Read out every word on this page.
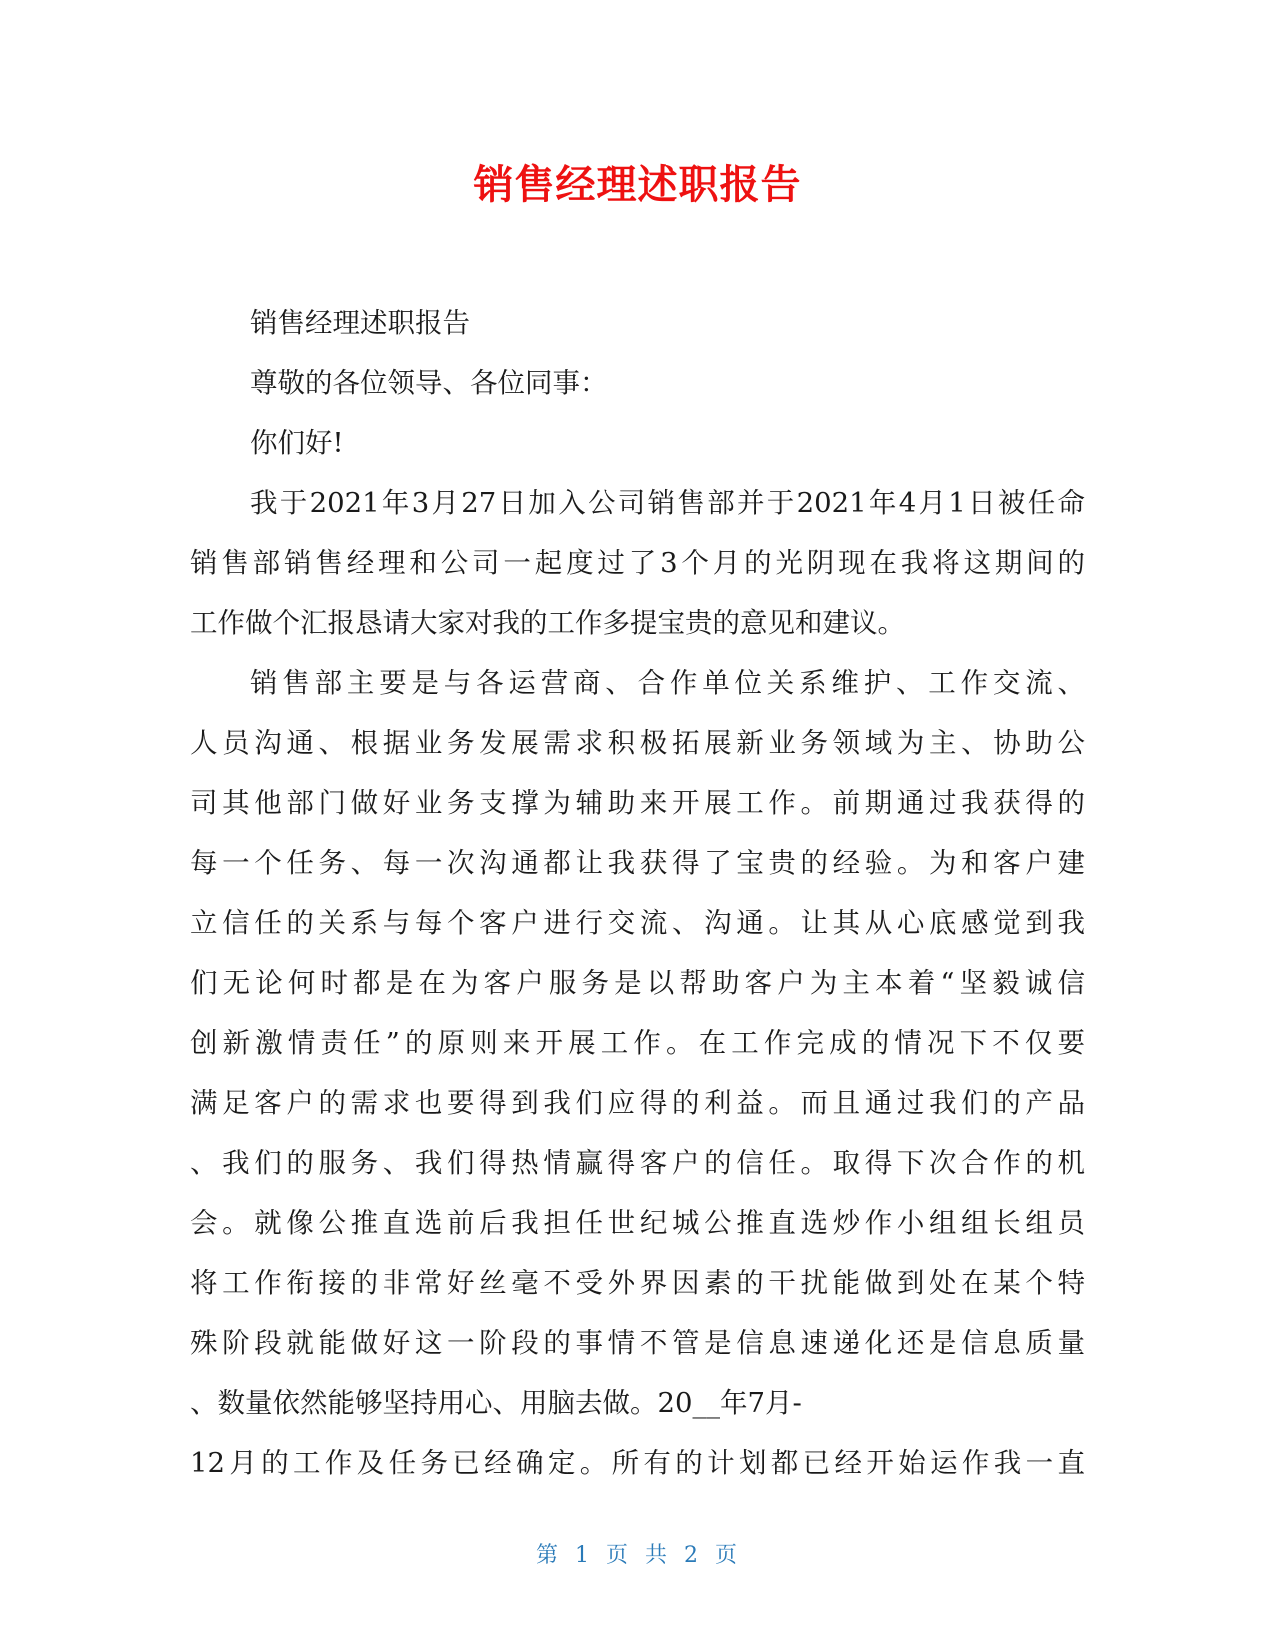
销售经理述职报告
销售经理述职报告
尊敬的各位领导、各位同事：
你们好!
我于2021年3月27日加入公司销售部并于2021年4月1日被任命
销售部销售经理和公司一起度过了3个月的光阴现在我将这期间的
工作做个汇报恳请大家对我的工作多提宝贵的意见和建议。
销售部主要是与各运营商、合作单位关系维护、工作交流、
人员沟通、根据业务发展需求积极拓展新业务领域为主、协助公
司其他部门做好业务支撑为辅助来开展工作。前期通过我获得的
每一个任务、每一次沟通都让我获得了宝贵的经验。为和客户建
立信任的关系与每个客户进行交流、沟通。让其从心底感觉到我
们无论何时都是在为客户服务是以帮助客户为主本着“坚毅诚信
创新激情责任”的原则来开展工作。在工作完成的情况下不仅要
满足客户的需求也要得到我们应得的利益。而且通过我们的产品
、我们的服务、我们得热情赢得客户的信任。取得下次合作的机
会。就像公推直选前后我担任世纪城公推直选炒作小组组长组员
将工作衔接的非常好丝毫不受外界因素的干扰能做到处在某个特
殊阶段就能做好这一阶段的事情不管是信息速递化还是信息质量
、数量依然能够坚持用心、用脑去做。20__年7月-
12月的工作及任务已经确定。所有的计划都已经开始运作我一直
第 1 页 共 2 页
